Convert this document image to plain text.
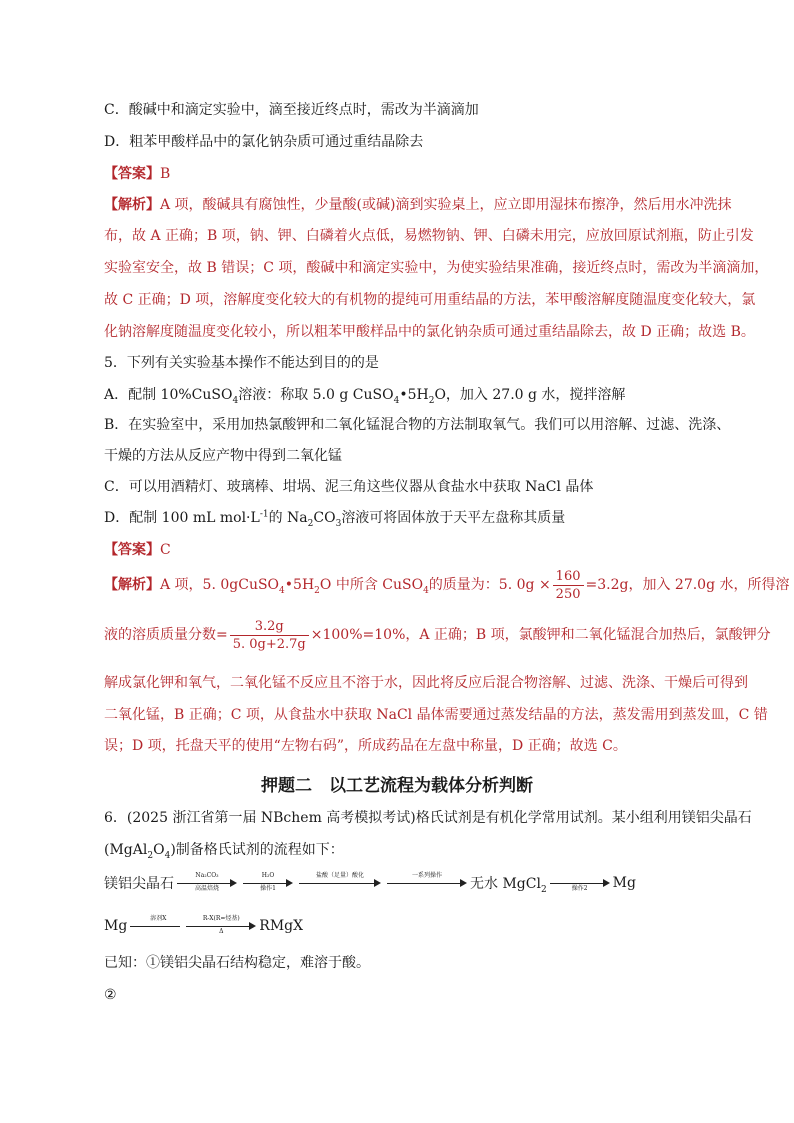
C．酸碱中和滴定实验中，滴至接近终点时，需改为半滴滴加
D．粗苯甲酸样品中的氯化钠杂质可通过重结晶除去
【答案】B
【解析】A 项，酸碱具有腐蚀性，少量酸(或碱)滴到实验桌上，应立即用湿抹布擦净，然后用水冲洗抹
布，故 A 正确；B 项，钠、钾、白磷着火点低，易燃物钠、钾、白磷未用完，应放回原试剂瓶，防止引发
实验室安全，故 B 错误；C 项，酸碱中和滴定实验中，为使实验结果准确，接近终点时，需改为半滴滴加，
故 C 正确；D 项，溶解度变化较大的有机物的提纯可用重结晶的方法，苯甲酸溶解度随温度变化较大，氯
化钠溶解度随温度变化较小，所以粗苯甲酸样品中的氯化钠杂质可通过重结晶除去，故 D 正确；故选 B。
5．下列有关实验基本操作不能达到目的的是
A．配制 10%CuSO$_4$溶液：称取 5.0 g $CuSO_4•5H_2O$，加入 27.0 g 水，搅拌溶解
B．在实验室中，采用加热氯酸钾和二氧化锰混合物的方法制取氧气。我们可以用溶解、过滤、洗涤、
干燥的方法从反应产物中得到二氧化锰
C．可以用酒精灯、玻璃棒、坩埚、泥三角这些仪器从食盐水中获取 NaCl 晶体
D．配制 100 mL $mol\cdot L^{-1}$的 $Na_2CO_3$溶液可将固体放于天平左盘称其质量
【答案】C
【解析】A 项，5. $0gCuSO_4•5H_2O$ 中所含 CuSO$_4$的质量为：5. $0g \times \frac{160}{250} =3.2g$，加入 27.0g 水，所得溶
液的溶质质量分数= $\frac{3.2g}{5. 0g+2.7g} \times 100\%=10\%$，A 正确；B 项，氯酸钾和二氧化锰混合加热后，氯酸钾分
解成氯化钾和氧气，二氧化锰不反应且不溶于水，因此将反应后混合物溶解、过滤、洗涤、干燥后可得到
二氧化锰，B 正确；C 项，从食盐水中获取 NaCl 晶体需要通过蒸发结晶的方法，蒸发需用到蒸发皿，C 错
误；D 项，托盘天平的使用“左物右码”，所成药品在左盘中称量，D 正确；故选 C。
押题二　以工艺流程为载体分析判断
6．(2025 浙江省第一届 NBchem 高考模拟考试)格氏试剂是有机化学常用试剂。某小组利用镁铝尖晶石
$(MgAl_2O_4)$制备格氏试剂的流程如下：
镁铝尖晶石
Na₂CO₃
高温焙烧
H₂O
操作1
盐酸（足量）酸化	一系列操作
无水 MgCl$_2$	操作2	Mg
Mg	溶剂X	R-X(R=烃基)
Δ	RMgX
已知：①镁铝尖晶石结构稳定，难溶于酸。
②
